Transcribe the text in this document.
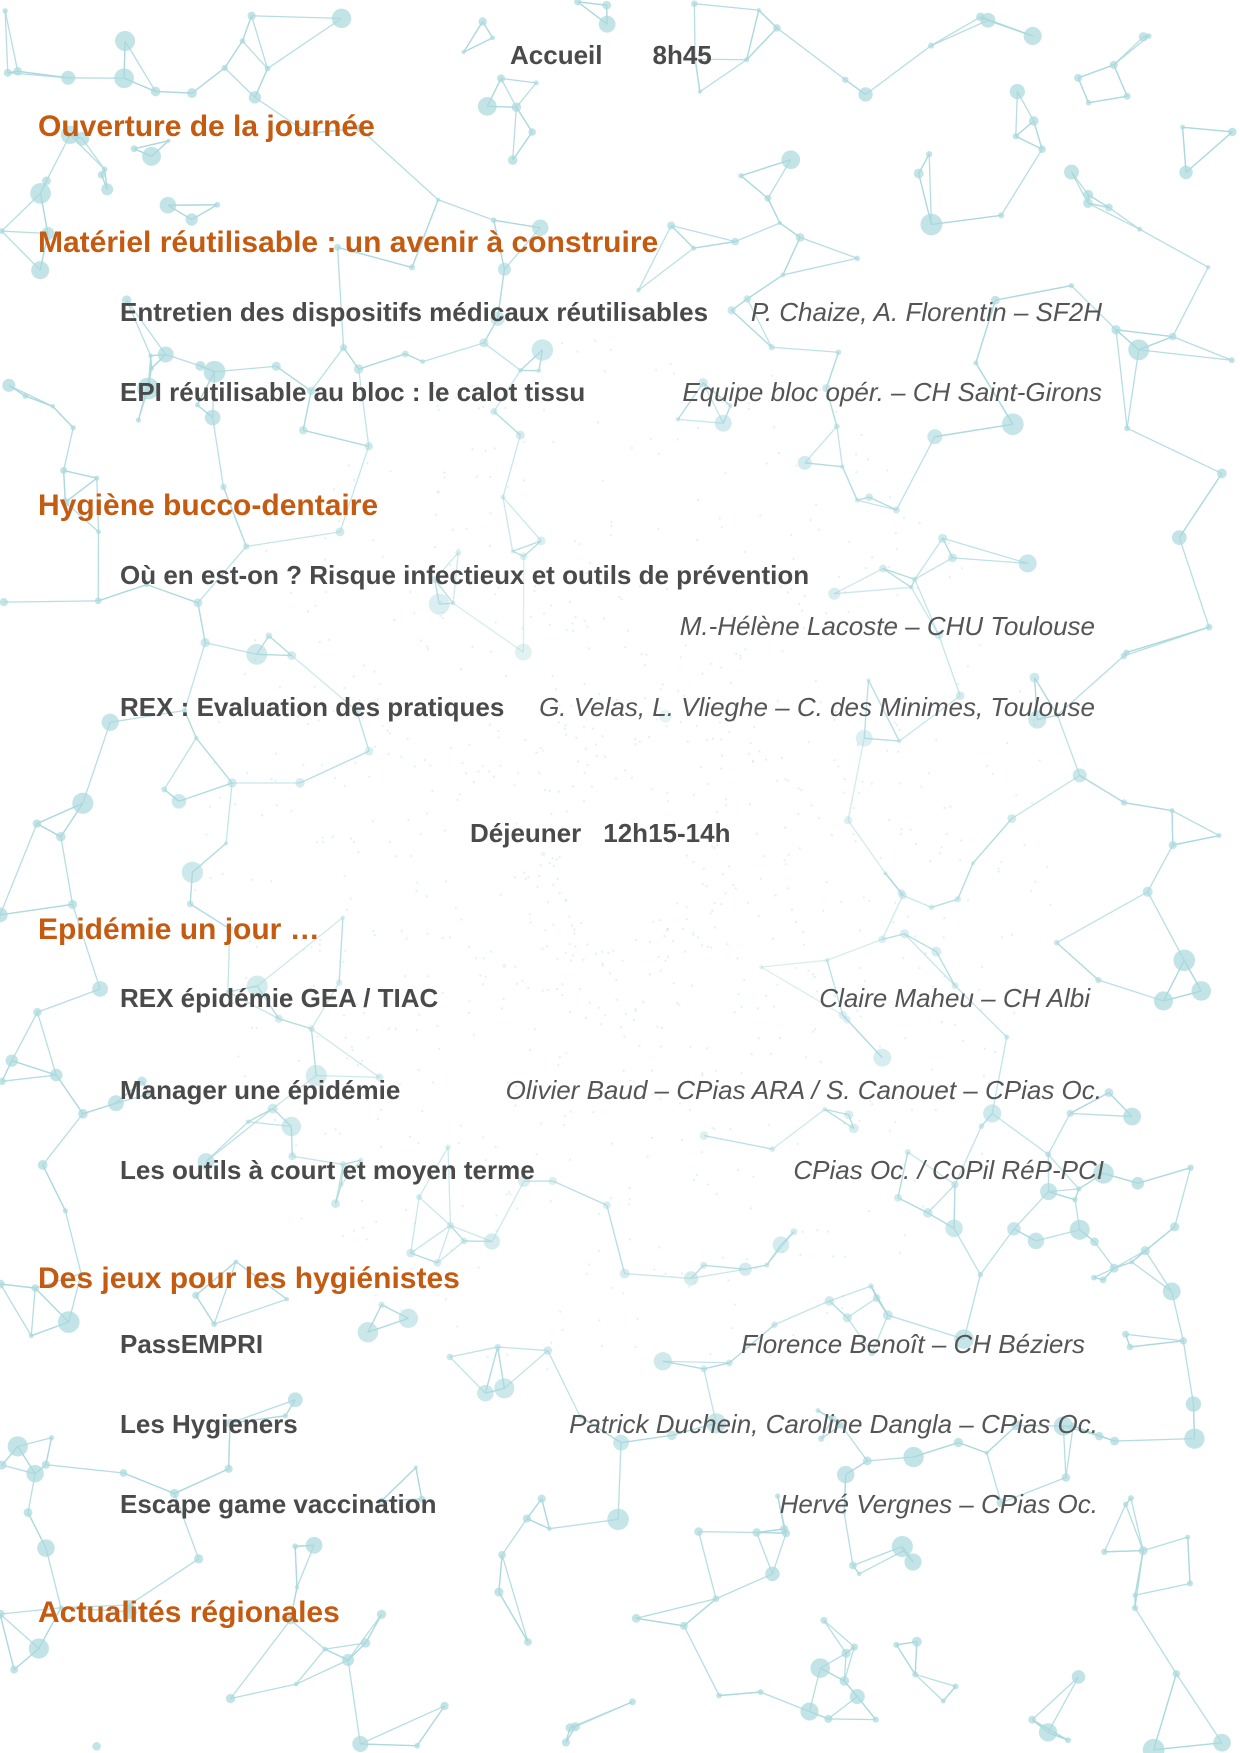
Accueil 8h45
Ouverture de la journée
Matériel réutilisable : un avenir à construire
Entretien des dispositifs médicaux réutilisables P. Chaize, A. Florentin – SF2H
EPI réutilisable au bloc : le calot tissu	Equipe bloc opér. – CH Saint-Girons
Hygiène bucco-dentaire
Où en est-on ? Risque infectieux et outils de prévention
M.-Hélène Lacoste – CHU Toulouse
REX : Evaluation des pratiques G. Velas, L. Vlieghe – C. des Minimes, Toulouse
Déjeuner 12h15-14h
Epidémie un jour …
REX épidémie GEA / TIAC	Claire Maheu – CH Albi
Manager une épidémie	Olivier Baud – CPias ARA / S. Canouet – CPias Oc.
Les outils à court et moyen terme	CPias Oc. / CoPil RéP-PCI
Des jeux pour les hygiénistes
PassEMPRI	Florence Benoît – CH Béziers
Les Hygieners	Patrick Duchein, Caroline Dangla – CPias Oc.
Escape game vaccination	Hervé Vergnes – CPias Oc.
Actualités régionales
